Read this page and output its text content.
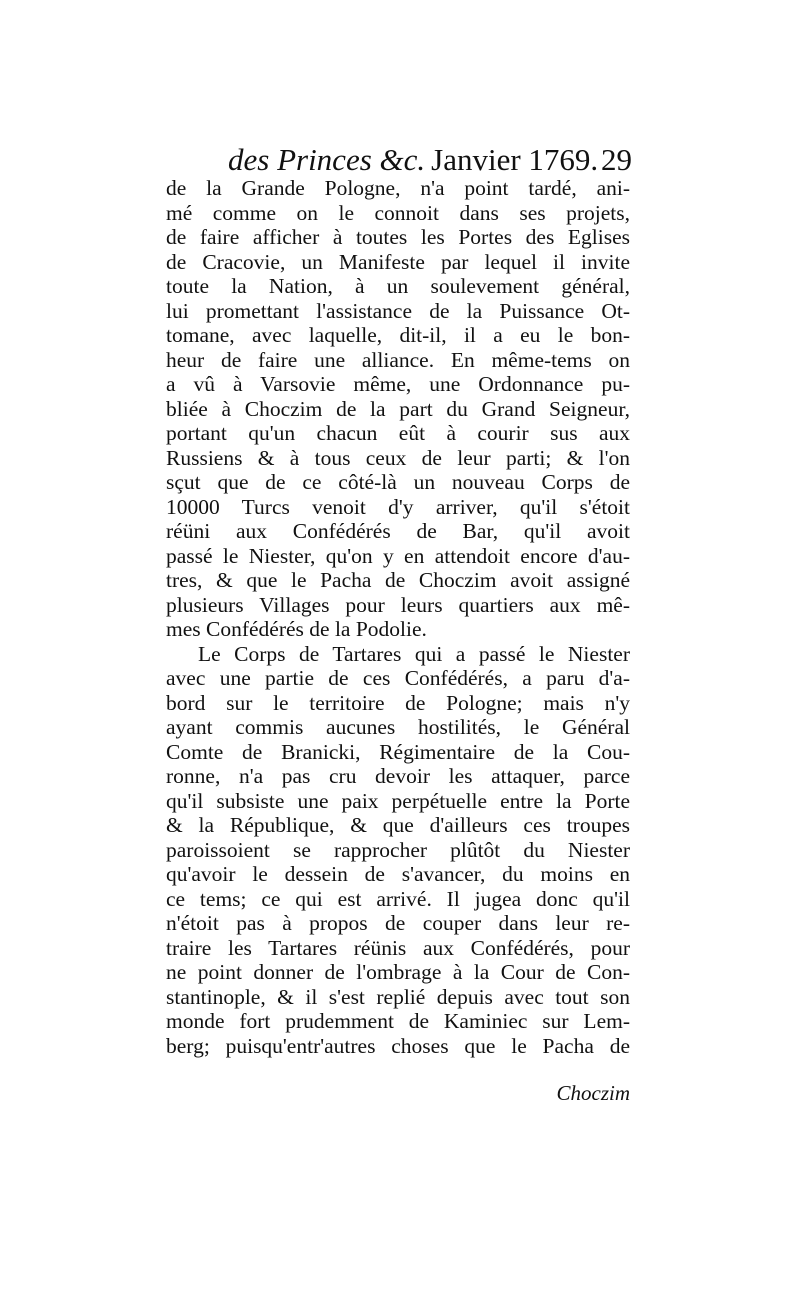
des Princes &c. Janvier 1769. 29
de la Grande Pologne, n'a point tardé, ani-
mé comme on le connoit dans ses projets,
de faire afficher à toutes les Portes des Eglises
de Cracovie, un Manifeste par lequel il invite
toute la Nation, à un soulevement général,
lui promettant l'assistance de la Puissance Ot-
tomane, avec laquelle, dit-il, il a eu le bon-
heur de faire une alliance. En même-tems on
a vû à Varsovie même, une Ordonnance pu-
bliée à Choczim de la part du Grand Seigneur,
portant qu'un chacun eût à courir sus aux
Russiens & à tous ceux de leur parti; & l'on
sçut que de ce côté-là un nouveau Corps de
10000 Turcs venoit d'y arriver, qu'il s'étoit
réüni aux Confédérés de Bar, qu'il avoit
passé le Niester, qu'on y en attendoit encore d'au-
tres, & que le Pacha de Choczim avoit assigné
plusieurs Villages pour leurs quartiers aux mê-
mes Confédérés de la Podolie.
Le Corps de Tartares qui a passé le Niester
avec une partie de ces Confédérés, a paru d'a-
bord sur le territoire de Pologne; mais n'y
ayant commis aucunes hostilités, le Général
Comte de Branicki, Régimentaire de la Cou-
ronne, n'a pas cru devoir les attaquer, parce
qu'il subsiste une paix perpétuelle entre la Porte
& la République, & que d'ailleurs ces troupes
paroissoient se rapprocher plûtôt du Niester
qu'avoir le dessein de s'avancer, du moins en
ce tems; ce qui est arrivé. Il jugea donc qu'il
n'étoit pas à propos de couper dans leur re-
traire les Tartares réünis aux Confédérés, pour
ne point donner de l'ombrage à la Cour de Con-
stantinople, & il s'est replié depuis avec tout son
monde fort prudemment de Kaminiec sur Lem-
berg; puisqu'entr'autres choses que le Pacha de
Choczim
